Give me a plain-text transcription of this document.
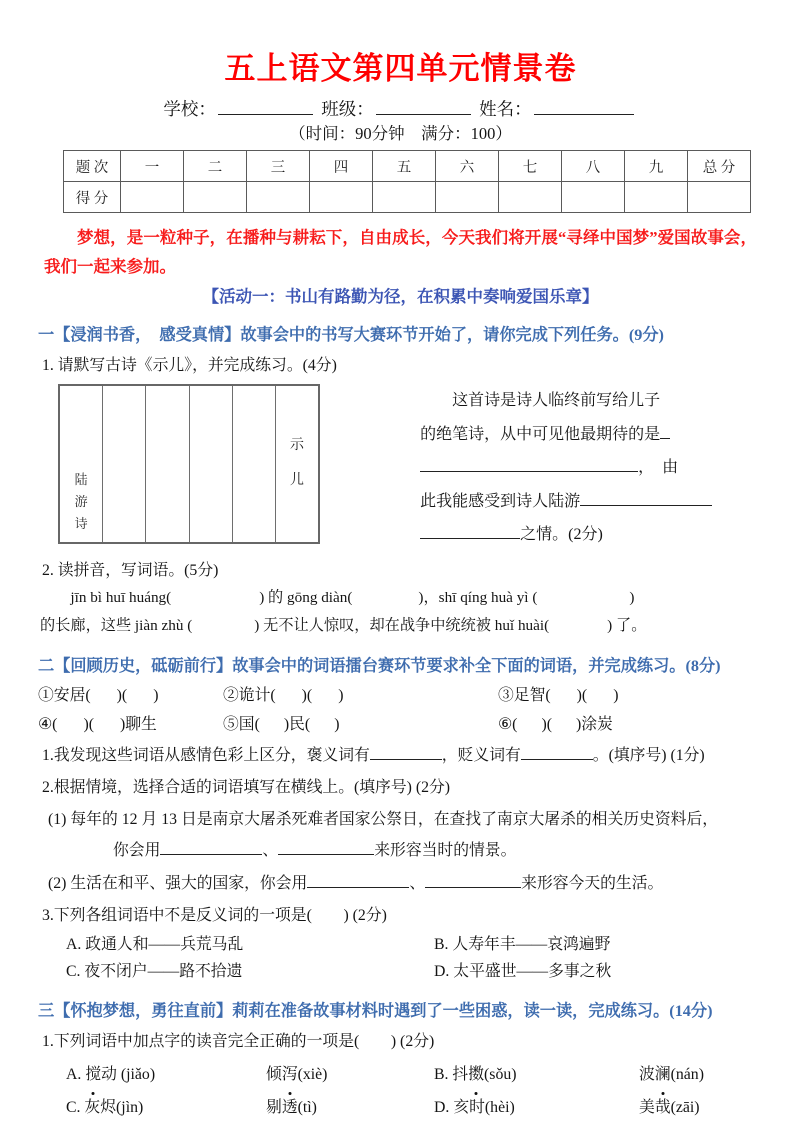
五上语文第四单元情景卷
学校：	班级：	姓名：
（时间：90分钟　满分：100）
题 次	一	二	三	四	五	六	七	八	九	总 分
得 分										

梦想，是一粒种子，在播种与耕耘下，自由成长，今天我们将开展“寻绎中国梦”爱国故事会，我们一起来参加。

【活动一：书山有路勤为径，在积累中奏响爱国乐章】

一【浸润书香，　感受真情】故事会中的书写大赛环节开始了，请你完成下列任务。(9分)

1. 请默写古诗《示儿》，并完成练习。(4分)

陆
游
诗
示
儿
　　这首诗是诗人临终前写给儿子
的绝笔诗，从中可见他最期待的是
，　由
此我能感受到诗人陆游
之情。(2分)

2. 读拼音，写词语。(5分)

　　jīn bì huī huáng(	) 的 gōng diàn(	)，shī qíng huà yì (	)
的长廊，这些 jiàn zhù (	) 无不让人惊叹，却在战争中统统被 huǐ huài(	) 了。
二【回顾历史，砥砺前行】故事会中的词语擂台赛环节要求补全下面的词语，并完成练习。(8分)
①安居( )( )	②诡计( )( )	③足智( )( )
④( )( )聊生	⑤国( )民( )	⑥( )( )涂炭

1.我发现这些词语从感情色彩上区分，褒义词有	，贬义词有	。(填序号) (1分)

2.根据情境，选择合适的词语填写在横线上。(填序号) (2分)

(1) 每年的 12 月 13 日是南京大屠杀死难者国家公祭日，在查找了南京大屠杀的相关历史资料后，

你会用	、	来形容当时的情景。

(2) 生活在和平、强大的国家，你会用	、	来形容今天的生活。

3.下列各组词语中不是反义词的一项是(　　) (2分)

A. 政通人和——兵荒马乱	B. 人寿年丰——哀鸿遍野
C. 夜不闭户——路不拾遗	D. 太平盛世——多事之秋
三【怀抱梦想，勇往直前】莉莉在准备故事材料时遇到了一些困惑，读一读，完成练习。(14分)

1.下列词语中加点字的读音完全正确的一项是(　　) (2分)

A. 搅动 (jiǎo)	倾泻(xiè)	B. 抖擞(sǒu)	波澜(nán)
C. 灰烬(jìn)	剔透(tì)	D. 亥时(hèi)	美哉(zāi)
